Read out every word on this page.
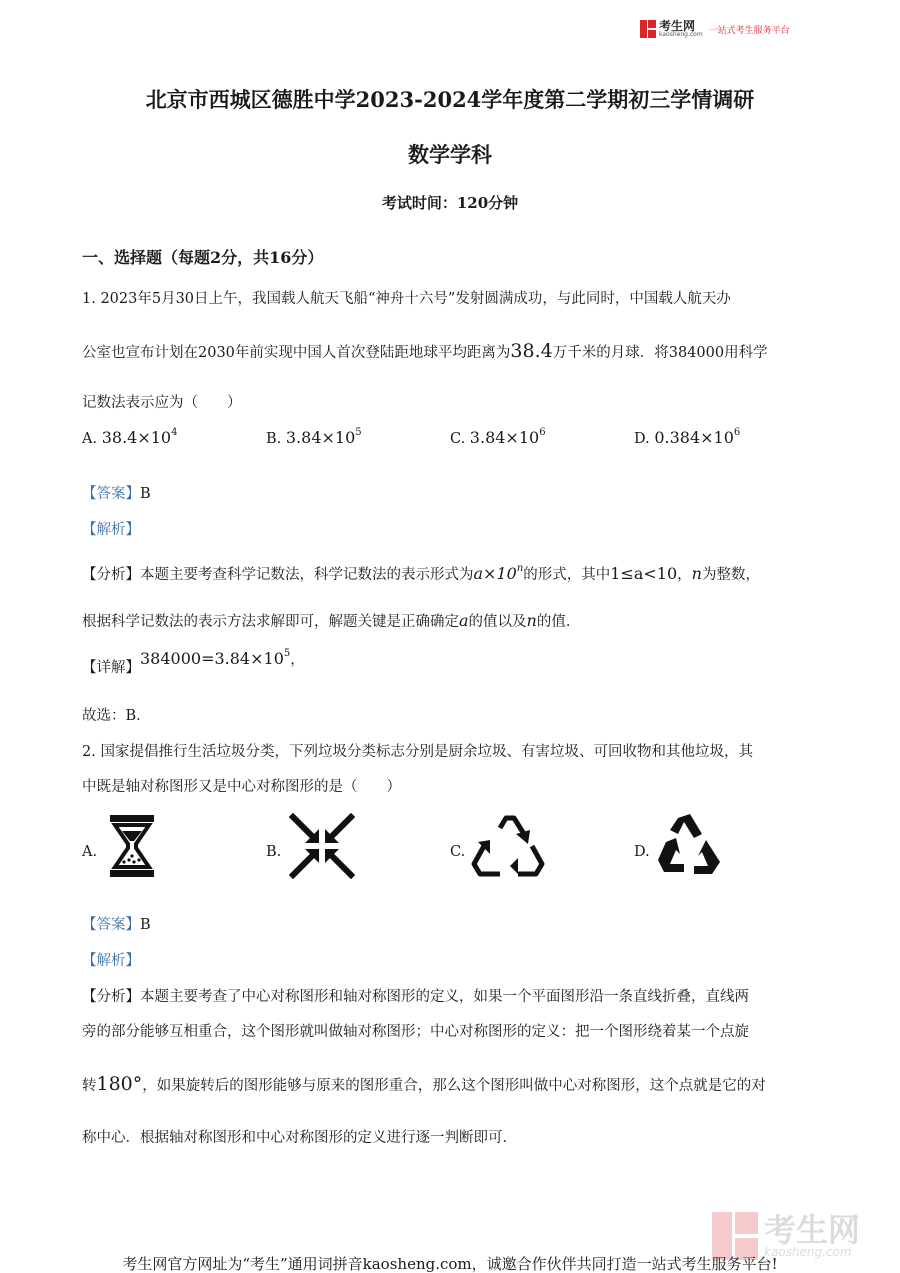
考生网
kaosheng.com 一站式考生服务平台
北京市西城区德胜中学2023-2024学年度第二学期初三学情调研
数学学科
考试时间：120分钟
一、选择题（每题2分，共16分）
1. 2023年5月30日上午，我国载人航天飞船“神舟十六号”发射圆满成功，与此同时，中国载人航天办
公室也宣布计划在2030年前实现中国人首次登陆距地球平均距离为38.4万千米的月球．将384000用科学
记数法表示应为（　　）
A. $38.4\times 10^4$	B. $3.84\times 10^5$	C. $3.84\times 10^6$	D. $0.384\times 10^6$
【答案】B
【解析】
【分析】本题主要考查科学记数法，科学记数法的表示形式为$a\times 10^n$的形式，其中1≤a<10，n为整数，
根据科学记数法的表示方法求解即可，解题关键是正确确定a的值以及n的值．
【详解】$384000=3.84\times 10^5$，
故选：B．
2. 国家提倡推行生活垃圾分类，下列垃圾分类标志分别是厨余垃圾、有害垃圾、可回收物和其他垃圾，其
中既是轴对称图形又是中心对称图形的是（　　）
A.	B.	C.	D.
【答案】B
【解析】
【分析】本题主要考查了中心对称图形和轴对称图形的定义，如果一个平面图形沿一条直线折叠，直线两
旁的部分能够互相重合，这个图形就叫做轴对称图形；中心对称图形的定义：把一个图形绕着某一个点旋
转180°，如果旋转后的图形能够与原来的图形重合，那么这个图形叫做中心对称图形，这个点就是它的对
称中心．根据轴对称图形和中心对称图形的定义进行逐一判断即可．
考生网
kaosheng.com
考生网官方网址为“考生”通用词拼音kaosheng.com，诚邀合作伙伴共同打造一站式考生服务平台!
